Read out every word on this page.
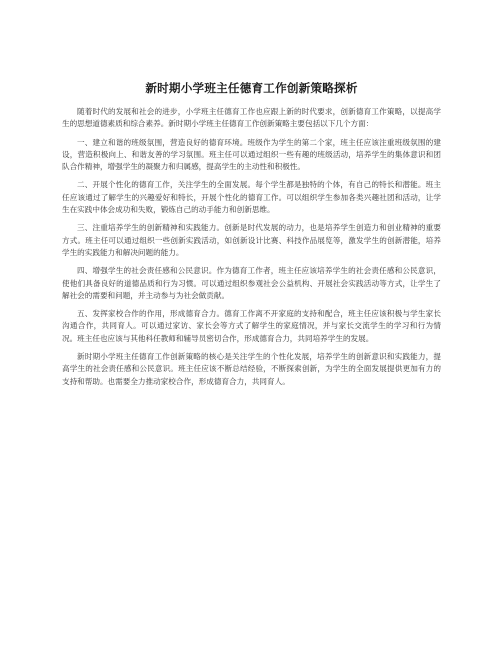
新时期小学班主任德育工作创新策略探析

随着时代的发展和社会的进步，小学班主任德育工作也应跟上新的时代要求，创新德育工作策略，以提高学生的思想道德素质和综合素养。新时期小学班主任德育工作创新策略主要包括以下几个方面：

一、建立和谐的班级氛围，营造良好的德育环境。班级作为学生的第二个家，班主任应该注重班级氛围的建设，营造积极向上、和谐友善的学习氛围。班主任可以通过组织一些有趣的班级活动，培养学生的集体意识和团队合作精神，增强学生的凝聚力和归属感，提高学生的主动性和积极性。

二、开展个性化的德育工作，关注学生的全面发展。每个学生都是独特的个体，有自己的特长和潜能。班主任应该通过了解学生的兴趣爱好和特长，开展个性化的德育工作。可以组织学生参加各类兴趣社团和活动，让学生在实践中体会成功和失败，锻炼自己的动手能力和创新思维。

三、注重培养学生的创新精神和实践能力。创新是时代发展的动力，也是培养学生创造力和创业精神的重要方式。班主任可以通过组织一些创新实践活动，如创新设计比赛、科技作品展览等，激发学生的创新潜能，培养学生的实践能力和解决问题的能力。

四、增强学生的社会责任感和公民意识。作为德育工作者，班主任应该培养学生的社会责任感和公民意识，使他们具备良好的道德品质和行为习惯。可以通过组织参观社会公益机构、开展社会实践活动等方式，让学生了解社会的需要和问题，并主动参与为社会做贡献。

五、发挥家校合作的作用，形成德育合力。德育工作离不开家庭的支持和配合，班主任应该积极与学生家长沟通合作，共同育人。可以通过家访、家长会等方式了解学生的家庭情况，并与家长交流学生的学习和行为情况。班主任也应该与其他科任教师和辅导员密切合作，形成德育合力，共同培养学生的发展。

新时期小学班主任德育工作创新策略的核心是关注学生的个性化发展，培养学生的创新意识和实践能力，提高学生的社会责任感和公民意识。班主任应该不断总结经验，不断探索创新，为学生的全面发展提供更加有力的支持和帮助。也需要全力推动家校合作，形成德育合力，共同育人。
